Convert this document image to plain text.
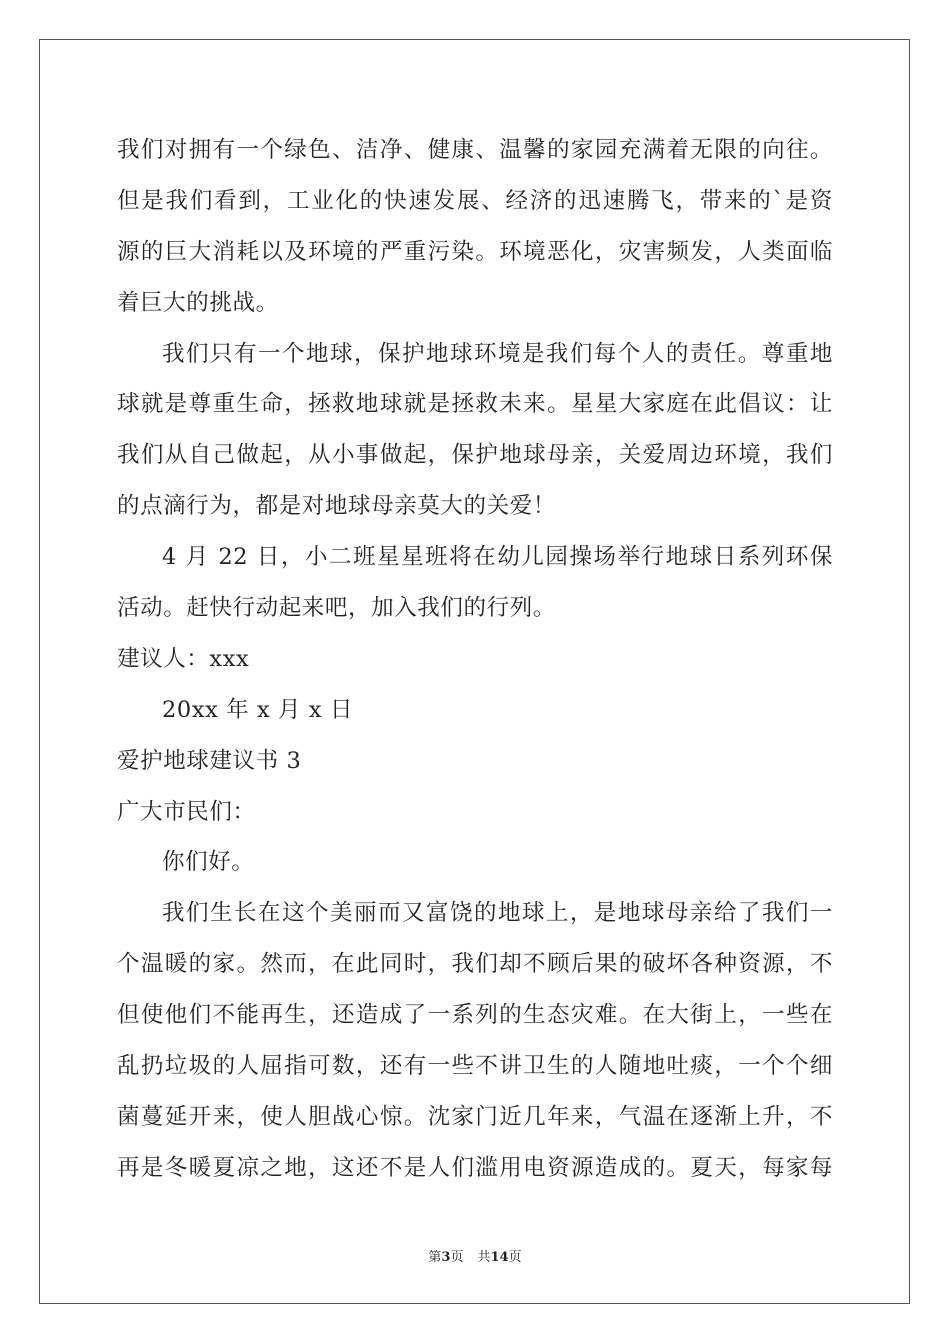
我们对拥有一个绿色、洁净、健康、温馨的家园充满着无限的向往。
但是我们看到，工业化的快速发展、经济的迅速腾飞，带来的`是资
源的巨大消耗以及环境的严重污染。环境恶化，灾害频发，人类面临
着巨大的挑战。
我们只有一个地球，保护地球环境是我们每个人的责任。尊重地
球就是尊重生命，拯救地球就是拯救未来。星星大家庭在此倡议：让
我们从自己做起，从小事做起，保护地球母亲，关爱周边环境，我们
的点滴行为，都是对地球母亲莫大的关爱！
4 月 22 日，小二班星星班将在幼儿园操场举行地球日系列环保
活动。赶快行动起来吧，加入我们的行列。
建议人：xxx
20xx 年 x 月 x 日
爱护地球建议书 3
广大市民们：
你们好。
我们生长在这个美丽而又富饶的地球上，是地球母亲给了我们一
个温暖的家。然而，在此同时，我们却不顾后果的破坏各种资源，不
但使他们不能再生，还造成了一系列的生态灾难。在大街上，一些在
乱扔垃圾的人屈指可数，还有一些不讲卫生的人随地吐痰，一个个细
菌蔓延开来，使人胆战心惊。沈家门近几年来，气温在逐渐上升，不
再是冬暖夏凉之地，这还不是人们滥用电资源造成的。夏天，每家每
第3页 共14页
